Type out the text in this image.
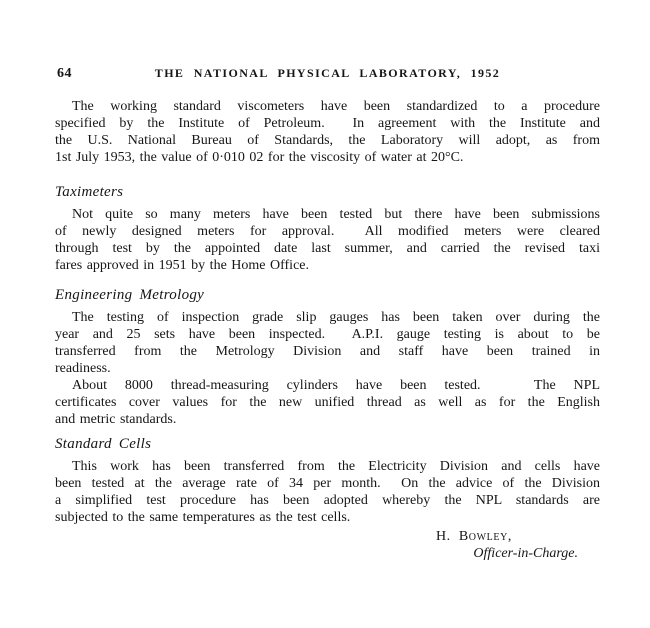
64	THE NATIONAL PHYSICAL LABORATORY, 1952
The working standard viscometers have been standardized to a procedure
specified by the Institute of Petroleum.  In agreement with the Institute and
the U.S. National Bureau of Standards, the Laboratory will adopt, as from
1st July 1953, the value of 0·010 02 for the viscosity of water at 20°C.
Taximeters
Not quite so many meters have been tested but there have been submissions
of newly designed meters for approval.  All modified meters were cleared
through test by the appointed date last summer, and carried the revised taxi
fares approved in 1951 by the Home Office.
Engineering Metrology
The testing of inspection grade slip gauges has been taken over during the
year and 25 sets have been inspected.  A.P.I. gauge testing is about to be
transferred from the Metrology Division and staff have been trained in
readiness.
About 8000 thread-measuring cylinders have been tested.   The NPL
certificates cover values for the new unified thread as well as for the English
and metric standards.
Standard Cells
This work has been transferred from the Electricity Division and cells have
been tested at the average rate of 34 per month.  On the advice of the Division
a simplified test procedure has been adopted whereby the NPL standards are
subjected to the same temperatures as the test cells.
H. Bowley,
Officer-in-Charge.
